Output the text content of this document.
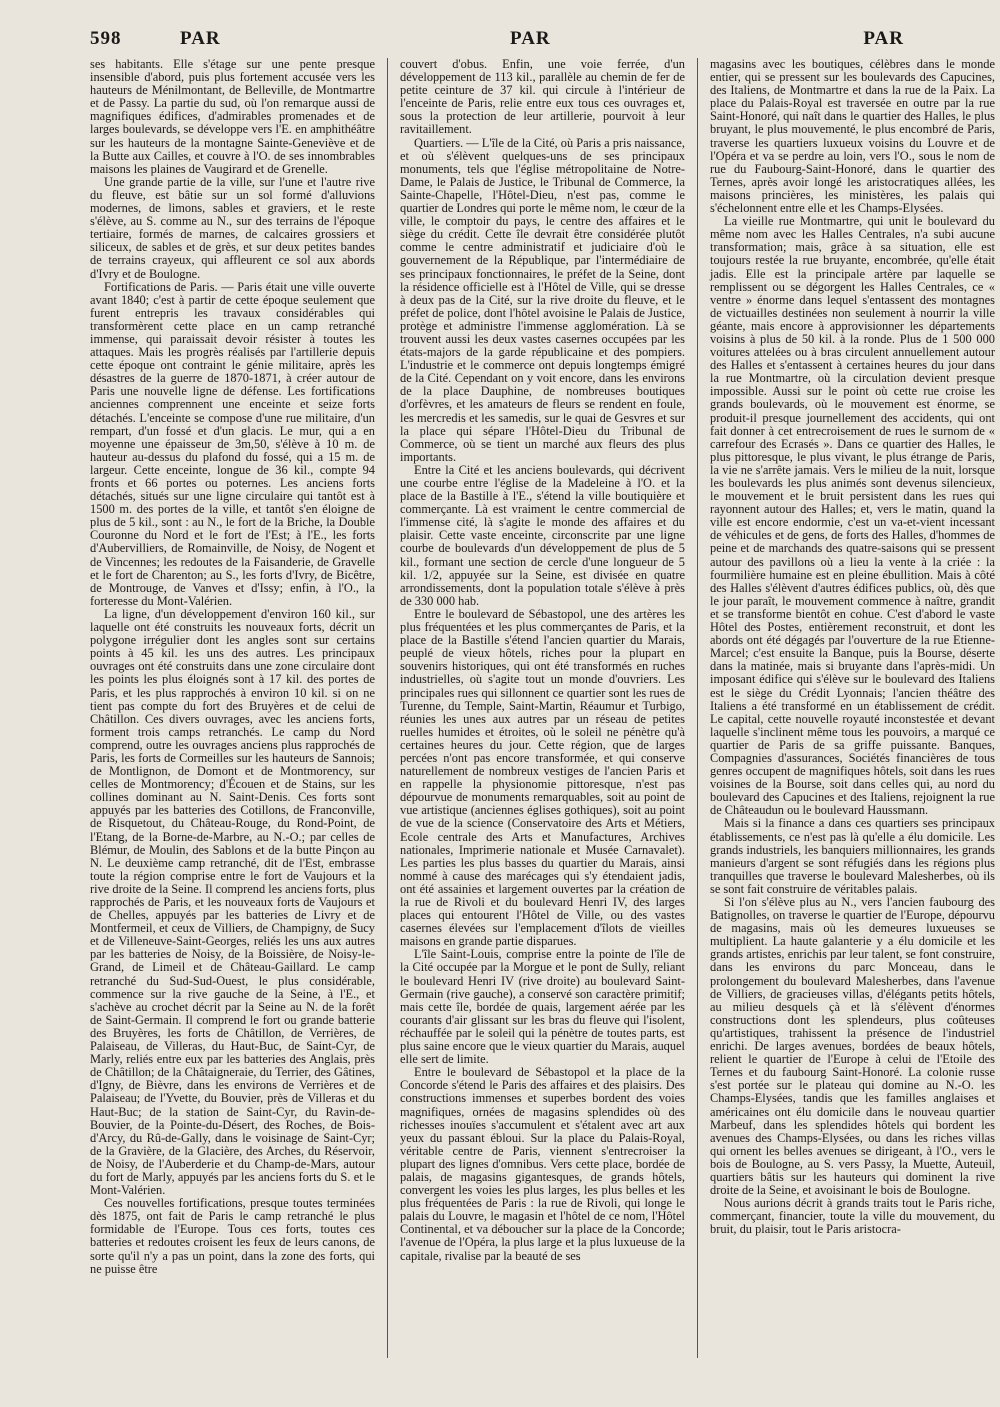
598	PAR	PAR	PAR

ses habitants. Elle s'étage sur une pente presque insensible d'abord, puis plus fortement accusée vers les hauteurs de Ménilmontant, de Belleville, de Montmartre et de Passy. La partie du sud, où l'on remarque aussi de magnifiques édifices, d'admirables promenades et de larges boulevards, se développe vers l'E. en amphithéâtre sur les hauteurs de la montagne Sainte-Geneviève et de la Butte aux Cailles, et couvre à l'O. de ses innombrables maisons les plaines de Vaugirard et de Grenelle.

Une grande partie de la ville, sur l'une et l'autre rive du fleuve, est bâtie sur un sol formé d'alluvions modernes, de limons, sables et graviers, et le reste s'élève, au S. comme au N., sur des terrains de l'époque tertiaire, formés de marnes, de calcaires grossiers et siliceux, de sables et de grès, et sur deux petites bandes de terrains crayeux, qui affleurent ce sol aux abords d'Ivry et de Boulogne.

Fortifications de Paris. — Paris était une ville ouverte avant 1840; c'est à partir de cette époque seulement que furent entrepris les travaux considérables qui transformèrent cette place en un camp retranché immense, qui paraissait devoir résister à toutes les attaques. Mais les progrès réalisés par l'artillerie depuis cette époque ont contraint le génie militaire, après les désastres de la guerre de 1870-1871, à créer autour de Paris une nouvelle ligne de défense. Les fortifications anciennes comprennent une enceinte et seize forts détachés. L'enceinte se compose d'une rue militaire, d'un rempart, d'un fossé et d'un glacis. Le mur, qui a en moyenne une épaisseur de 3m,50, s'élève à 10 m. de hauteur au-dessus du plafond du fossé, qui a 15 m. de largeur. Cette enceinte, longue de 36 kil., compte 94 fronts et 66 portes ou poternes. Les anciens forts détachés, situés sur une ligne circulaire qui tantôt est à 1500 m. des portes de la ville, et tantôt s'en éloigne de plus de 5 kil., sont : au N., le fort de la Briche, la Double Couronne du Nord et le fort de l'Est; à l'E., les forts d'Aubervilliers, de Romainville, de Noisy, de Nogent et de Vincennes; les redoutes de la Faisanderie, de Gravelle et le fort de Charenton; au S., les forts d'Ivry, de Bicêtre, de Montrouge, de Vanves et d'Issy; enfin, à l'O., la forteresse du Mont-Valérien.

La ligne, d'un développement d'environ 160 kil., sur laquelle ont été construits les nouveaux forts, décrit un polygone irrégulier dont les angles sont sur certains points à 45 kil. les uns des autres. Les principaux ouvrages ont été construits dans une zone circulaire dont les points les plus éloignés sont à 17 kil. des portes de Paris, et les plus rapprochés à environ 10 kil. si on ne tient pas compte du fort des Bruyères et de celui de Châtillon. Ces divers ouvrages, avec les anciens forts, forment trois camps retranchés. Le camp du Nord comprend, outre les ouvrages anciens plus rapprochés de Paris, les forts de Cormeilles sur les hauteurs de Sannois; de Montlignon, de Domont et de Montmorency, sur celles de Montmorency; d'Écouen et de Stains, sur les collines dominant au N. Saint-Denis. Ces forts sont appuyés par les batteries des Cotillons, de Franconville, de Risquetout, du Château-Rouge, du Rond-Point, de l'Etang, de la Borne-de-Marbre, au N.-O.; par celles de Blémur, de Moulin, des Sablons et de la butte Pinçon au N. Le deuxième camp retranché, dit de l'Est, embrasse toute la région comprise entre le fort de Vaujours et la rive droite de la Seine. Il comprend les anciens forts, plus rapprochés de Paris, et les nouveaux forts de Vaujours et de Chelles, appuyés par les batteries de Livry et de Montfermeil, et ceux de Villiers, de Champigny, de Sucy et de Villeneuve-Saint-Georges, reliés les uns aux autres par les batteries de Noisy, de la Boissière, de Noisy-le-Grand, de Limeil et de Château-Gaillard. Le camp retranché du Sud-Sud-Ouest, le plus considérable, commence sur la rive gauche de la Seine, à l'E., et s'achève au crochet décrit par la Seine au N. de la forêt de Saint-Germain. Il comprend le fort ou grande batterie des Bruyères, les forts de Châtillon, de Verrières, de Palaiseau, de Villeras, du Haut-Buc, de Saint-Cyr, de Marly, reliés entre eux par les batteries des Anglais, près de Châtillon; de la Châtaigneraie, du Terrier, des Gâtines, d'Igny, de Bièvre, dans les environs de Verrières et de Palaiseau; de l'Yvette, du Bouvier, près de Villeras et du Haut-Buc; de la station de Saint-Cyr, du Ravin-de-Bouvier, de la Pointe-du-Désert, des Roches, de Bois-d'Arcy, du Rû-de-Gally, dans le voisinage de Saint-Cyr; de la Gravière, de la Glacière, des Arches, du Réservoir, de Noisy, de l'Auberderie et du Champ-de-Mars, autour du fort de Marly, appuyés par les anciens forts du S. et le Mont-Valérien.

Ces nouvelles fortifications, presque toutes terminées dès 1875, ont fait de Paris le camp retranché le plus formidable de l'Europe. Tous ces forts, toutes ces batteries et redoutes croisent les feux de leurs canons, de sorte qu'il n'y a pas un point, dans la zone des forts, qui ne puisse être

couvert d'obus. Enfin, une voie ferrée, d'un développement de 113 kil., parallèle au chemin de fer de petite ceinture de 37 kil. qui circule à l'intérieur de l'enceinte de Paris, relie entre eux tous ces ouvrages et, sous la protection de leur artillerie, pourvoit à leur ravitaillement.

Quartiers. — L'île de la Cité, où Paris a pris naissance, et où s'élèvent quelques-uns de ses principaux monuments, tels que l'église métropolitaine de Notre-Dame, le Palais de Justice, le Tribunal de Commerce, la Sainte-Chapelle, l'Hôtel-Dieu, n'est pas, comme le quartier de Londres qui porte le même nom, le cœur de la ville, le comptoir du pays, le centre des affaires et le siège du crédit. Cette île devrait être considérée plutôt comme le centre administratif et judiciaire d'où le gouvernement de la République, par l'intermédiaire de ses principaux fonctionnaires, le préfet de la Seine, dont la résidence officielle est à l'Hôtel de Ville, qui se dresse à deux pas de la Cité, sur la rive droite du fleuve, et le préfet de police, dont l'hôtel avoisine le Palais de Justice, protège et administre l'immense agglomération. Là se trouvent aussi les deux vastes casernes occupées par les états-majors de la garde républicaine et des pompiers. L'industrie et le commerce ont depuis longtemps émigré de la Cité. Cependant on y voit encore, dans les environs de la place Dauphine, de nombreuses boutiques d'orfèvres, et les amateurs de fleurs se rendent en foule, les mercredis et les samedis, sur le quai de Gesvres et sur la place qui sépare l'Hôtel-Dieu du Tribunal de Commerce, où se tient un marché aux fleurs des plus importants.

Entre la Cité et les anciens boulevards, qui décrivent une courbe entre l'église de la Madeleine à l'O. et la place de la Bastille à l'E., s'étend la ville boutiquière et commerçante. Là est vraiment le centre commercial de l'immense cité, là s'agite le monde des affaires et du plaisir. Cette vaste enceinte, circonscrite par une ligne courbe de boulevards d'un développement de plus de 5 kil., formant une section de cercle d'une longueur de 5 kil. 1/2, appuyée sur la Seine, est divisée en quatre arrondissements, dont la population totale s'élève à près de 330 000 hab.

Entre le boulevard de Sébastopol, une des artères les plus fréquentées et les plus commerçantes de Paris, et la place de la Bastille s'étend l'ancien quartier du Marais, peuplé de vieux hôtels, riches pour la plupart en souvenirs historiques, qui ont été transformés en ruches industrielles, où s'agite tout un monde d'ouvriers. Les principales rues qui sillonnent ce quartier sont les rues de Turenne, du Temple, Saint-Martin, Réaumur et Turbigo, réunies les unes aux autres par un réseau de petites ruelles humides et étroites, où le soleil ne pénètre qu'à certaines heures du jour. Cette région, que de larges percées n'ont pas encore transformée, et qui conserve naturellement de nombreux vestiges de l'ancien Paris et en rappelle la physionomie pittoresque, n'est pas dépourvue de monuments remarquables, soit au point de vue artistique (anciennes églises gothiques), soit au point de vue de la science (Conservatoire des Arts et Métiers, Ecole centrale des Arts et Manufactures, Archives nationales, Imprimerie nationale et Musée Carnavalet). Les parties les plus basses du quartier du Marais, ainsi nommé à cause des marécages qui s'y étendaient jadis, ont été assainies et largement ouvertes par la création de la rue de Rivoli et du boulevard Henri IV, des larges places qui entourent l'Hôtel de Ville, ou des vastes casernes élevées sur l'emplacement d'îlots de vieilles maisons en grande partie disparues.

L'île Saint-Louis, comprise entre la pointe de l'île de la Cité occupée par la Morgue et le pont de Sully, reliant le boulevard Henri IV (rive droite) au boulevard Saint-Germain (rive gauche), a conservé son caractère primitif; mais cette île, bordée de quais, largement aérée par les courants d'air glissant sur les bras du fleuve qui l'isolent, réchauffée par le soleil qui la pénètre de toutes parts, est plus saine encore que le vieux quartier du Marais, auquel elle sert de limite.

Entre le boulevard de Sébastopol et la place de la Concorde s'étend le Paris des affaires et des plaisirs. Des constructions immenses et superbes bordent des voies magnifiques, ornées de magasins splendides où des richesses inouïes s'accumulent et s'étalent avec art aux yeux du passant ébloui. Sur la place du Palais-Royal, véritable centre de Paris, viennent s'entrecroiser la plupart des lignes d'omnibus. Vers cette place, bordée de palais, de magasins gigantesques, de grands hôtels, convergent les voies les plus larges, les plus belles et les plus fréquentées de Paris : la rue de Rivoli, qui longe le palais du Louvre, le magasin et l'hôtel de ce nom, l'Hôtel Continental, et va déboucher sur la place de la Concorde; l'avenue de l'Opéra, la plus large et la plus luxueuse de la capitale, rivalise par la beauté de ses

magasins avec les boutiques, célèbres dans le monde entier, qui se pressent sur les boulevards des Capucines, des Italiens, de Montmartre et dans la rue de la Paix. La place du Palais-Royal est traversée en outre par la rue Saint-Honoré, qui naît dans le quartier des Halles, le plus bruyant, le plus mouvementé, le plus encombré de Paris, traverse les quartiers luxueux voisins du Louvre et de l'Opéra et va se perdre au loin, vers l'O., sous le nom de rue du Faubourg-Saint-Honoré, dans le quartier des Ternes, après avoir longé les aristocratiques allées, les maisons princières, les ministères, les palais qui s'échelonnent entre elle et les Champs-Elysées.

La vieille rue Montmartre, qui unit le boulevard du même nom avec les Halles Centrales, n'a subi aucune transformation; mais, grâce à sa situation, elle est toujours restée la rue bruyante, encombrée, qu'elle était jadis. Elle est la principale artère par laquelle se remplissent ou se dégorgent les Halles Centrales, ce « ventre » énorme dans lequel s'entassent des montagnes de victuailles destinées non seulement à nourrir la ville géante, mais encore à approvisionner les départements voisins à plus de 50 kil. à la ronde. Plus de 1 500 000 voitures attelées ou à bras circulent annuellement autour des Halles et s'entassent à certaines heures du jour dans la rue Montmartre, où la circulation devient presque impossible. Aussi sur le point où cette rue croise les grands boulevards, où le mouvement est énorme, se produit-il presque journellement des accidents, qui ont fait donner à cet entrecroisement de rues le surnom de « carrefour des Ecrasés ». Dans ce quartier des Halles, le plus pittoresque, le plus vivant, le plus étrange de Paris, la vie ne s'arrête jamais. Vers le milieu de la nuit, lorsque les boulevards les plus animés sont devenus silencieux, le mouvement et le bruit persistent dans les rues qui rayonnent autour des Halles; et, vers le matin, quand la ville est encore endormie, c'est un va-et-vient incessant de véhicules et de gens, de forts des Halles, d'hommes de peine et de marchands des quatre-saisons qui se pressent autour des pavillons où a lieu la vente à la criée : la fourmilière humaine est en pleine ébullition. Mais à côté des Halles s'élèvent d'autres édifices publics, où, dès que le jour paraît, le mouvement commence à naître, grandit et se transforme bientôt en cohue. C'est d'abord le vaste Hôtel des Postes, entièrement reconstruit, et dont les abords ont été dégagés par l'ouverture de la rue Etienne-Marcel; c'est ensuite la Banque, puis la Bourse, déserte dans la matinée, mais si bruyante dans l'après-midi. Un imposant édifice qui s'élève sur le boulevard des Italiens est le siège du Crédit Lyonnais; l'ancien théâtre des Italiens a été transformé en un établissement de crédit. Le capital, cette nouvelle royauté inconstestée et devant laquelle s'inclinent même tous les pouvoirs, a marqué ce quartier de Paris de sa griffe puissante. Banques, Compagnies d'assurances, Sociétés financières de tous genres occupent de magnifiques hôtels, soit dans les rues voisines de la Bourse, soit dans celles qui, au nord du boulevard des Capucines et des Italiens, rejoignent la rue de Châteaudun ou le boulevard Haussmann.

Mais si la finance a dans ces quartiers ses principaux établissements, ce n'est pas là qu'elle a élu domicile. Les grands industriels, les banquiers millionnaires, les grands manieurs d'argent se sont réfugiés dans les régions plus tranquilles que traverse le boulevard Malesherbes, où ils se sont fait construire de véritables palais.

Si l'on s'élève plus au N., vers l'ancien faubourg des Batignolles, on traverse le quartier de l'Europe, dépourvu de magasins, mais où les demeures luxueuses se multiplient. La haute galanterie y a élu domicile et les grands artistes, enrichis par leur talent, se font construire, dans les environs du parc Monceau, dans le prolongement du boulevard Malesherbes, dans l'avenue de Villiers, de gracieuses villas, d'élégants petits hôtels, au milieu desquels çà et là s'élèvent d'énormes constructions dont les splendeurs, plus coûteuses qu'artistiques, trahissent la présence de l'industriel enrichi. De larges avenues, bordées de beaux hôtels, relient le quartier de l'Europe à celui de l'Etoile des Ternes et du faubourg Saint-Honoré. La colonie russe s'est portée sur le plateau qui domine au N.-O. les Champs-Elysées, tandis que les familles anglaises et américaines ont élu domicile dans le nouveau quartier Marbeuf, dans les splendides hôtels qui bordent les avenues des Champs-Elysées, ou dans les riches villas qui ornent les belles avenues se dirigeant, à l'O., vers le bois de Boulogne, au S. vers Passy, la Muette, Auteuil, quartiers bâtis sur les hauteurs qui dominent la rive droite de la Seine, et avoisinant le bois de Boulogne.

Nous aurions décrit à grands traits tout le Paris riche, commerçant, financier, toute la ville du mouvement, du bruit, du plaisir, tout le Paris aristocra-
